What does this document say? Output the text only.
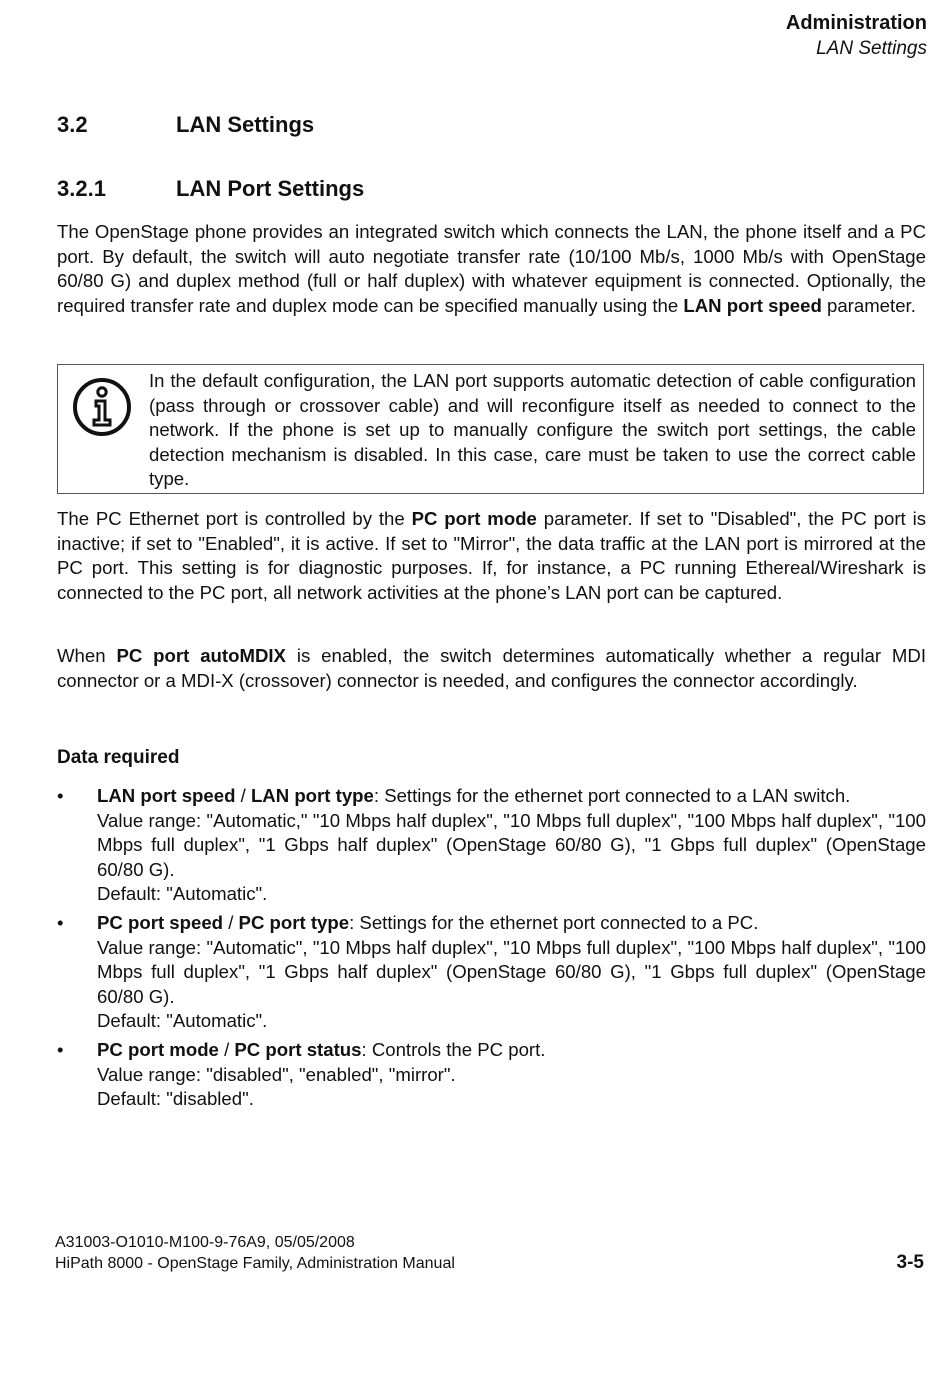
Administration
LAN Settings
3.2	LAN Settings
3.2.1	LAN Port Settings

The OpenStage phone provides an integrated switch which connects the LAN, the phone itself and a PC port. By default, the switch will auto negotiate transfer rate (10/100 Mb/s, 1000 Mb/s with OpenStage 60/80 G) and duplex method (full or half duplex) with whatever equipment is connected. Optionally, the required transfer rate and duplex mode can be specified manually using the LAN port speed parameter.

In the default configuration, the LAN port supports automatic detection of cable configuration (pass through or crossover cable) and will reconfigure itself as needed to connect to the network. If the phone is set up to manually configure the switch port settings, the cable detection mechanism is disabled. In this case, care must be taken to use the correct cable type.

The PC Ethernet port is controlled by the PC port mode parameter. If set to "Disabled", the PC port is inactive; if set to "Enabled", it is active. If set to "Mirror", the data traffic at the LAN port is mirrored at the PC port. This setting is for diagnostic purposes. If, for instance, a PC running Ethereal/Wireshark is connected to the PC port, all network activities at the phone’s LAN port can be captured.

When PC port autoMDIX is enabled, the switch determines automatically whether a regular MDI connector or a MDI-X (crossover) connector is needed, and configures the connector accordingly.

Data required
•	LAN port speed / LAN port type: Settings for the ethernet port connected to a LAN switch.
Value range: "Automatic," "10 Mbps half duplex", "10 Mbps full duplex", "100 Mbps half duplex", "100 Mbps full duplex", "1 Gbps half duplex" (OpenStage 60/80 G), "1 Gbps full duplex" (OpenStage 60/80 G).
Default: "Automatic".
•	PC port speed / PC port type: Settings for the ethernet port connected to a PC.
Value range: "Automatic", "10 Mbps half duplex", "10 Mbps full duplex", "100 Mbps half duplex", "100 Mbps full duplex", "1 Gbps half duplex" (OpenStage 60/80 G), "1 Gbps full duplex" (OpenStage 60/80 G).
Default: "Automatic".
•	PC port mode / PC port status: Controls the PC port.
Value range: "disabled", "enabled", "mirror".
Default: "disabled".
A31003-O1010-M100-9-76A9, 05/05/2008
HiPath 8000 - OpenStage Family, Administration Manual	3-5
